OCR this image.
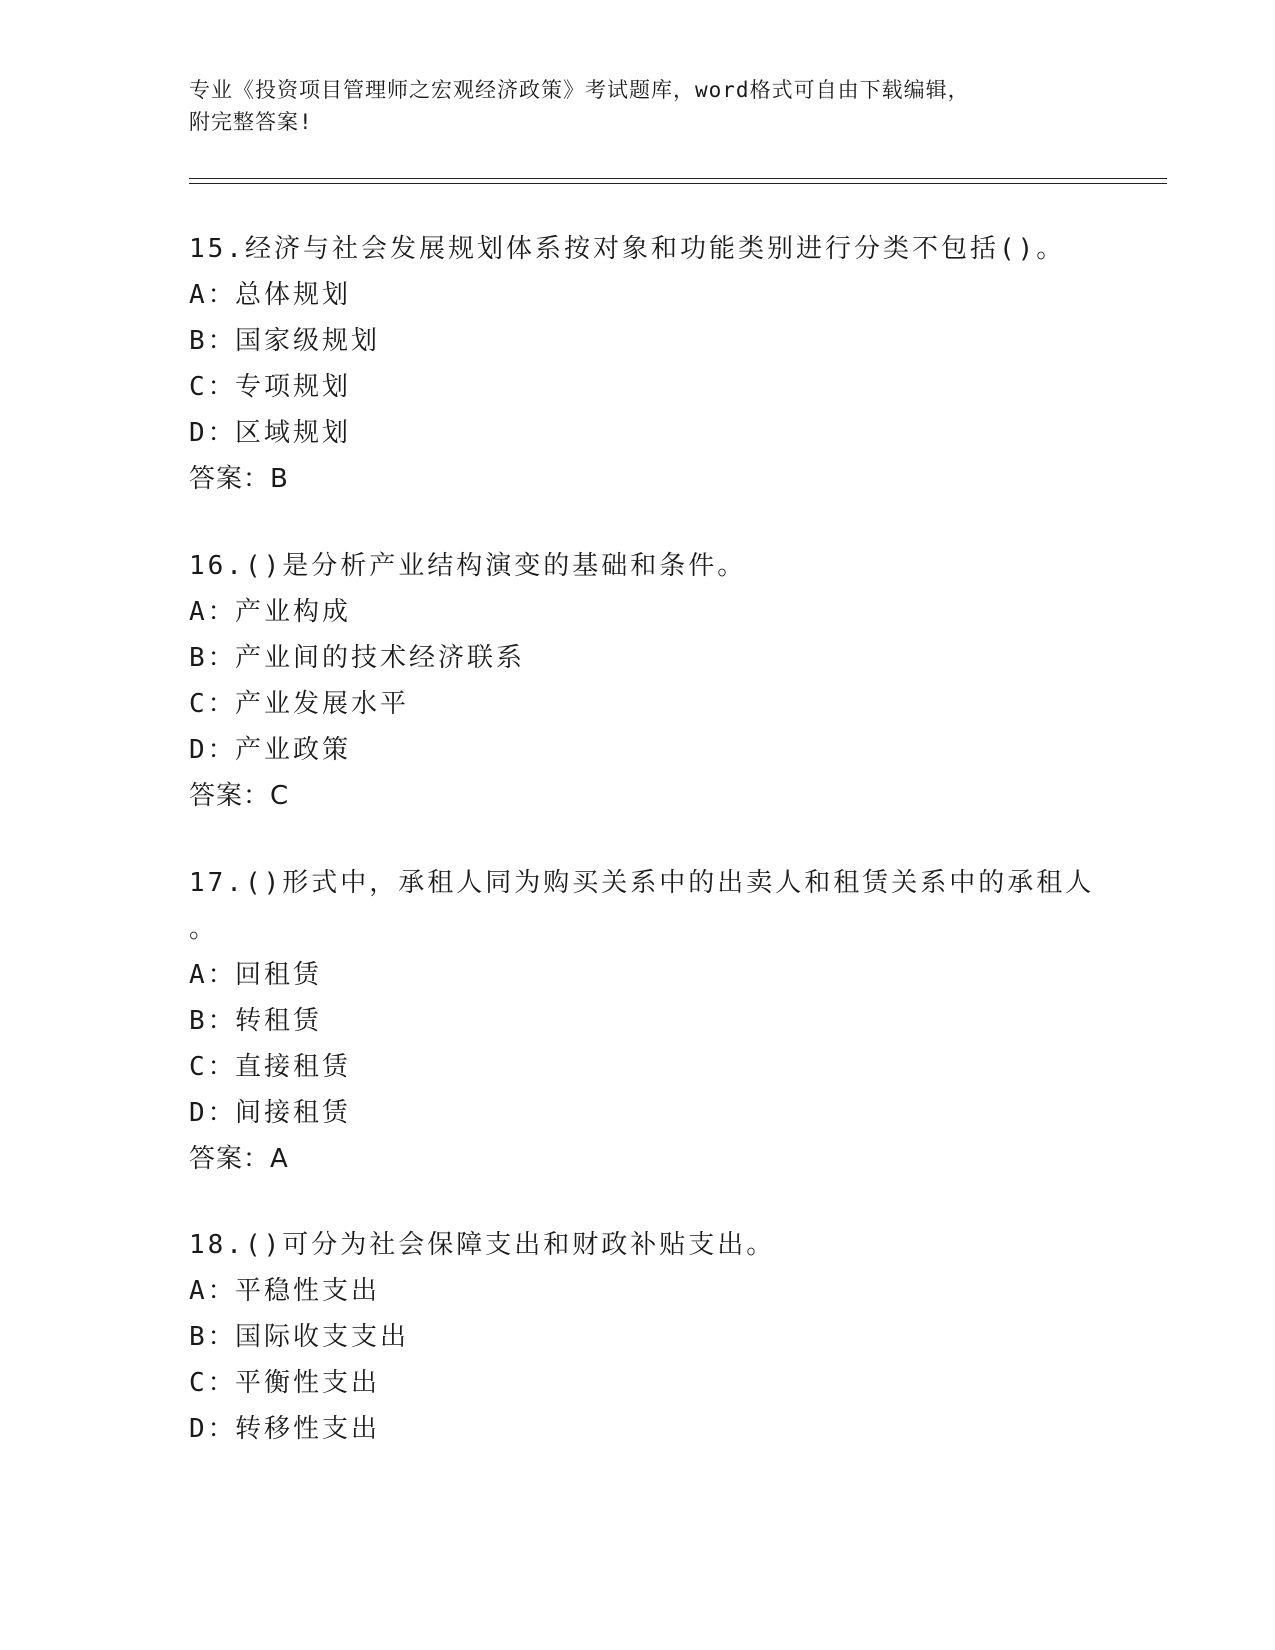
专业《投资项目管理师之宏观经济政策》考试题库，word格式可自由下载编辑，
附完整答案!
15.经济与社会发展规划体系按对象和功能类别进行分类不包括()。
A：总体规划
B：国家级规划
C：专项规划
D：区域规划
答案：B
16.()是分析产业结构演变的基础和条件。
A：产业构成
B：产业间的技术经济联系
C：产业发展水平
D：产业政策
答案：C
17.()形式中，承租人同为购买关系中的出卖人和租赁关系中的承租人
。
A：回租赁
B：转租赁
C：直接租赁
D：间接租赁
答案：A
18.()可分为社会保障支出和财政补贴支出。
A：平稳性支出
B：国际收支支出
C：平衡性支出
D：转移性支出
